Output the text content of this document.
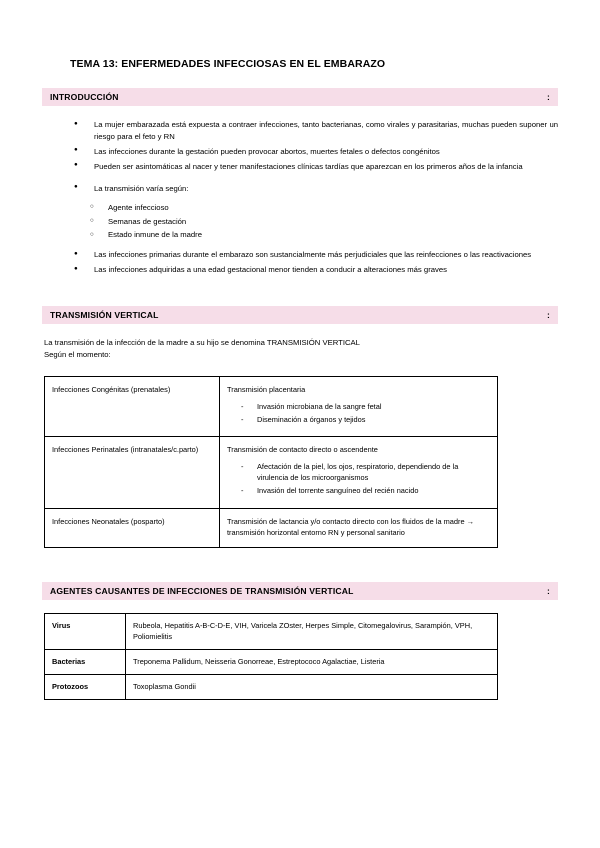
TEMA 13: ENFERMEDADES INFECCIOSAS EN EL EMBARAZO
INTRODUCCIÓN	:
● La mujer embarazada está expuesta a contraer infecciones, tanto bacterianas, como virales y parasitarias, muchas pueden suponer un riesgo para el feto y RN
● Las infecciones durante la gestación pueden provocar abortos, muertes fetales o defectos congénitos
● Pueden ser asintomáticas al nacer y tener manifestaciones clínicas tardías que aparezcan en los primeros años de la infancia
● La transmisión varía según:
○ Agente infeccioso
○ Semanas de gestación
○ Estado inmune de la madre
● Las infecciones primarias durante el embarazo son sustancialmente más perjudiciales que las reinfecciones o las reactivaciones
● Las infecciones adquiridas a una edad gestacional menor tienden a conducir a alteraciones más graves
TRANSMISIÓN VERTICAL	:

La transmisión de la infección de la madre a su hijo se denomina TRANSMISIÓN VERTICAL

Según el momento:

Infecciones Congénitas (prenatales)	Transmisión placentaria
- Invasión microbiana de la sangre fetal
- Diseminación a órganos y tejidos

Infecciones Perinatales (intranatales/c.parto)	Transmisión de contacto directo o ascendente
- Afectación de la piel, los ojos, respiratorio, dependiendo de la virulencia de los microorganismos
- Invasión del torrente sanguíneo del recién nacido

Infecciones Neonatales (posparto)	Transmisión de lactancia y/o contacto directo con los fluidos de la madre → transmisión horizontal entorno RN y personal sanitario
AGENTES CAUSANTES DE INFECCIONES DE TRANSMISIÓN VERTICAL	:
Virus	Rubeola, Hepatitis A-B-C-D-E, VIH, Varicela ZOster, Herpes Simple, Citomegalovirus, Sarampión, VPH, Poliomielitis
Bacterias	Treponema Pallidum, Neisseria Gonorreae, Estreptococo Agalactiae, Listeria
Protozoos	Toxoplasma Gondii
